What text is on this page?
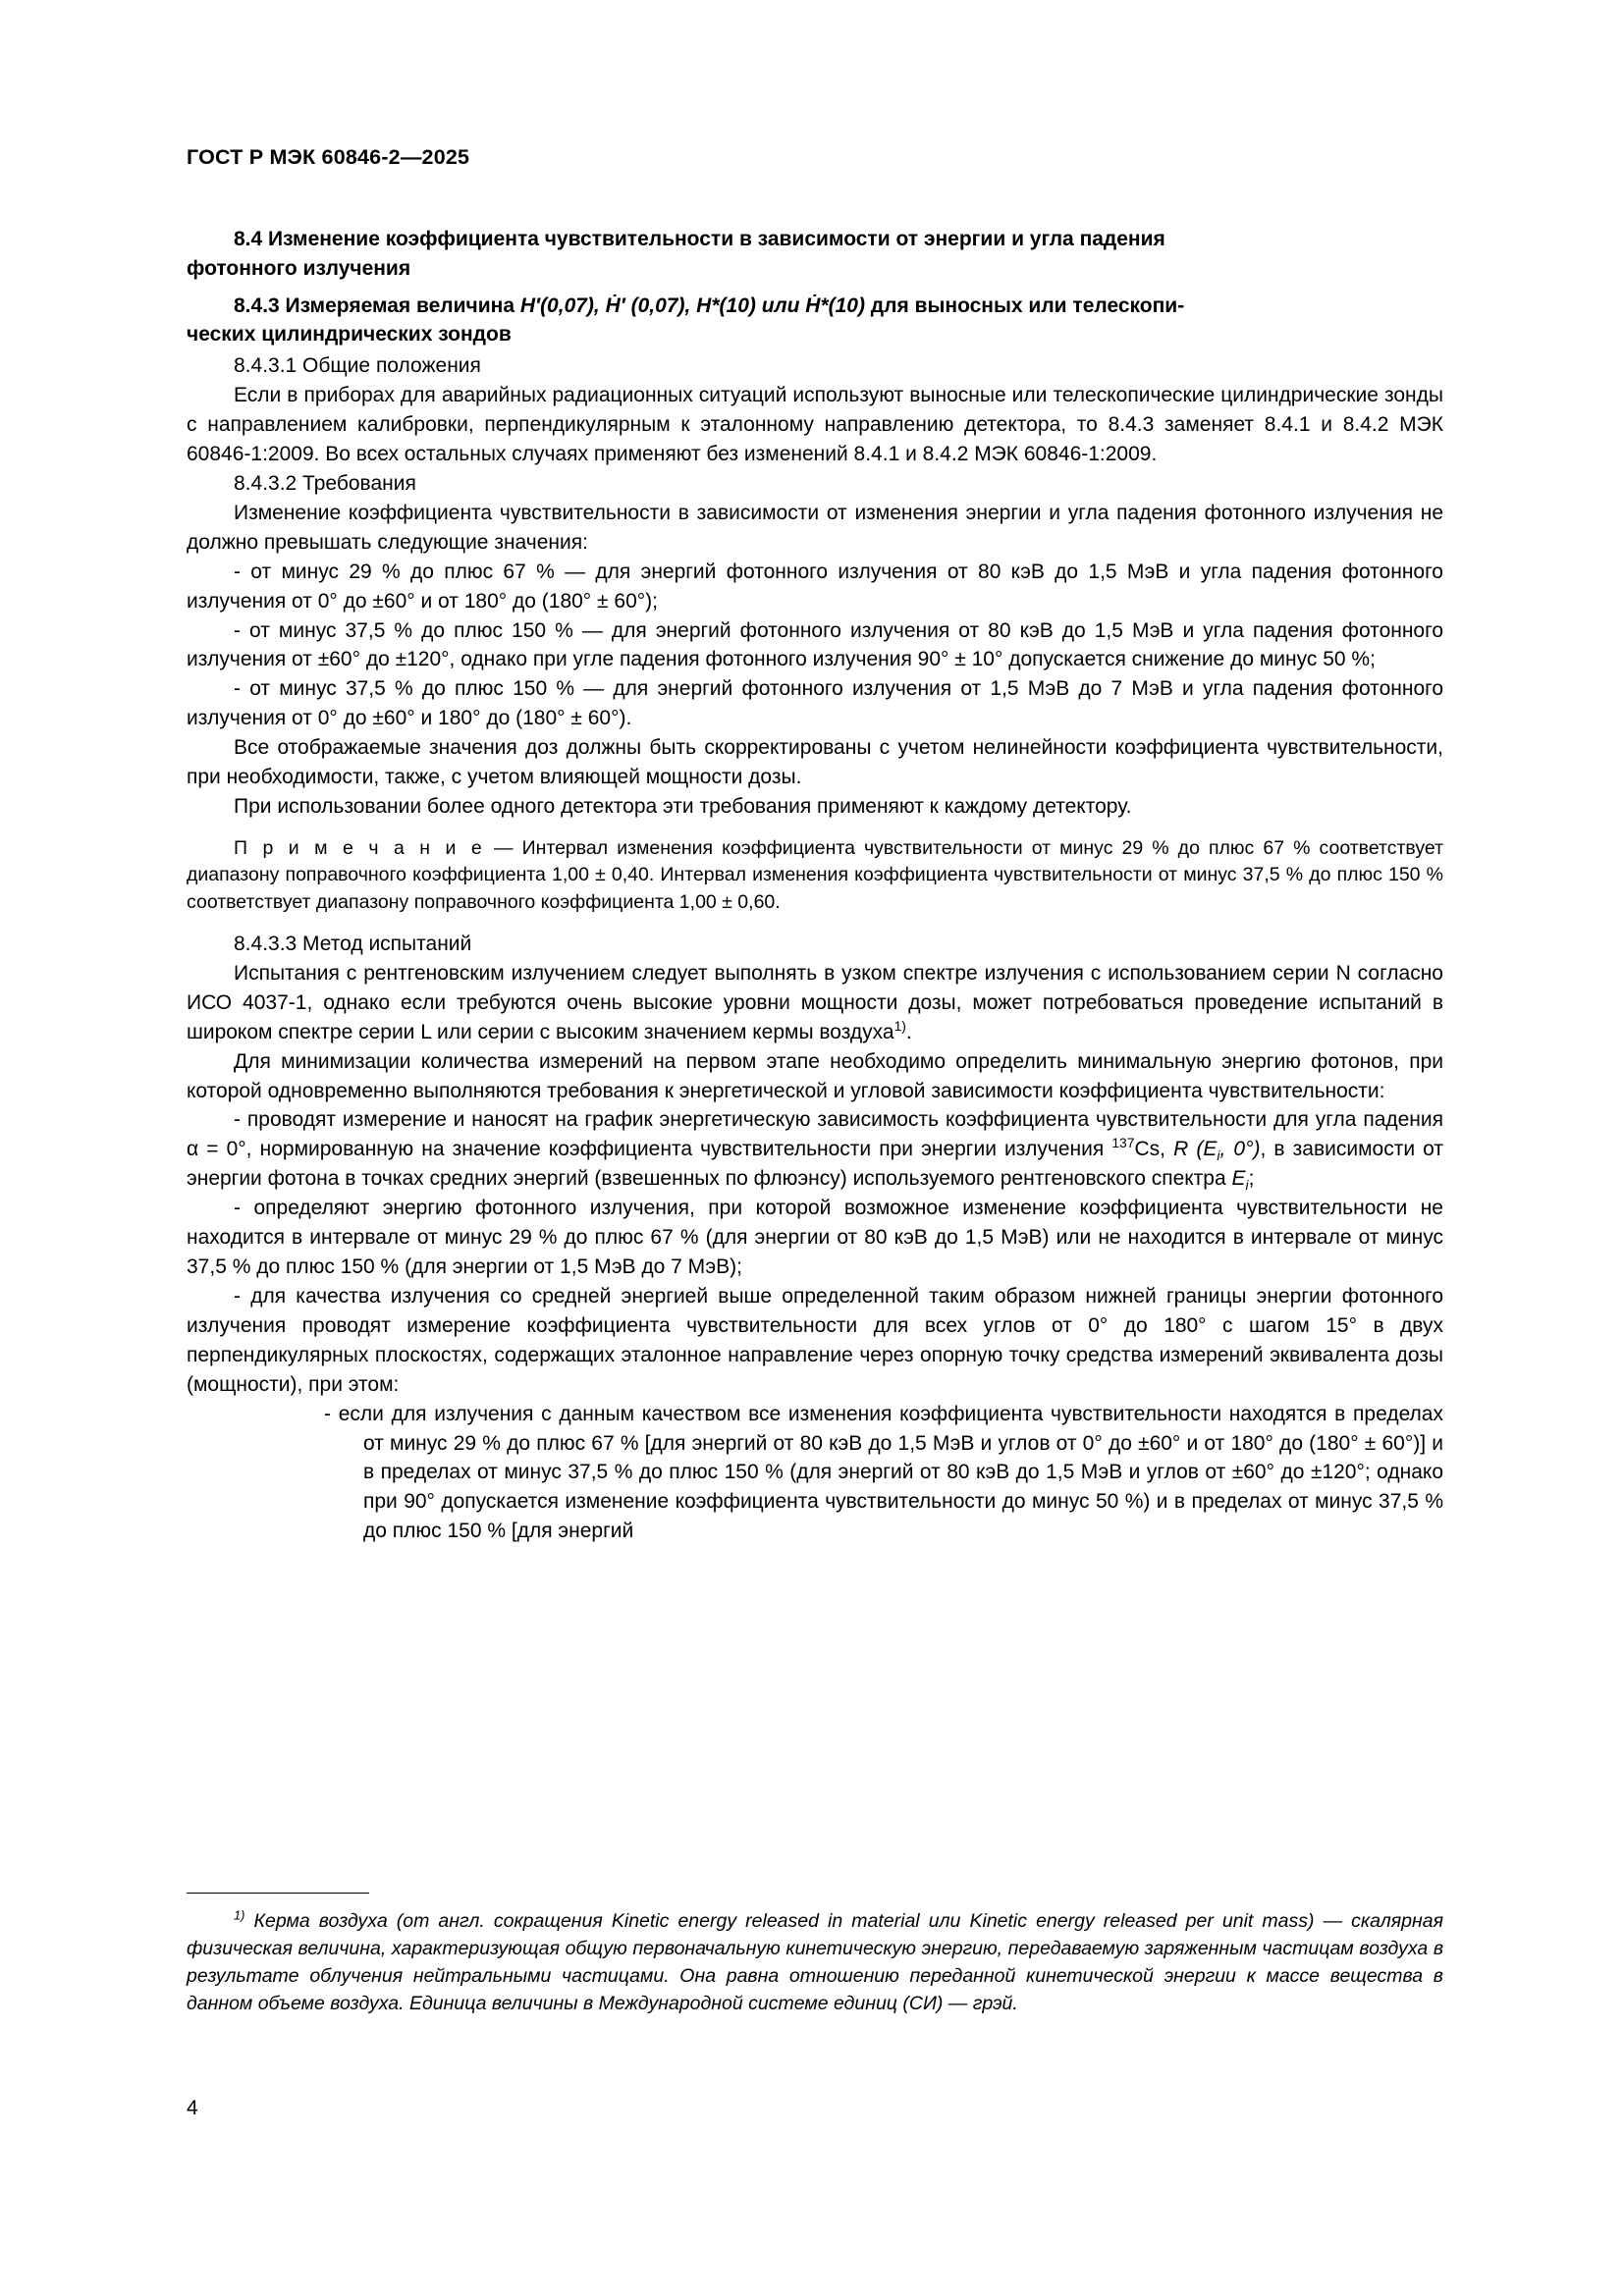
ГОСТ Р МЭК 60846-2—2025
8.4 Изменение коэффициента чувствительности в зависимости от энергии и угла падения
фотонного излучения
8.4.3 Измеряемая величина H′(0,07), Ḣ′ (0,07), H*(10) или Ḣ*(10) для выносных или телескопи-
ческих цилиндрических зондов

8.4.3.1 Общие положения

Если в приборах для аварийных радиационных ситуаций используют выносные или телескопические цилиндрические зонды с направлением калибровки, перпендикулярным к эталонному направлению детектора, то 8.4.3 заменяет 8.4.1 и 8.4.2 МЭК 60846-1:2009. Во всех остальных случаях применяют без изменений 8.4.1 и 8.4.2 МЭК 60846-1:2009.

8.4.3.2 Требования

Изменение коэффициента чувствительности в зависимости от изменения энергии и угла падения фотонного излучения не должно превышать следующие значения:

- от минус 29 % до плюс 67 % — для энергий фотонного излучения от 80 кэВ до 1,5 МэВ и угла падения фотонного излучения от 0° до ±60° и от 180° до (180° ± 60°);

- от минус 37,5 % до плюс 150 % — для энергий фотонного излучения от 80 кэВ до 1,5 МэВ и угла падения фотонного излучения от ±60° до ±120°, однако при угле падения фотонного излучения 90° ± 10° допускается снижение до минус 50 %;

- от минус 37,5 % до плюс 150 % — для энергий фотонного излучения от 1,5 МэВ до 7 МэВ и угла падения фотонного излучения от 0° до ±60° и 180° до (180° ± 60°).

Все отображаемые значения доз должны быть скорректированы с учетом нелинейности коэффициента чувствительности, при необходимости, также, с учетом влияющей мощности дозы.

При использовании более одного детектора эти требования применяют к каждому детектору.

П р и м е ч а н и е — Интервал изменения коэффициента чувствительности от минус 29 % до плюс 67 % соответствует диапазону поправочного коэффициента 1,00 ± 0,40. Интервал изменения коэффициента чувствительности от минус 37,5 % до плюс 150 % соответствует диапазону поправочного коэффициента 1,00 ± 0,60.

8.4.3.3 Метод испытаний

Испытания с рентгеновским излучением следует выполнять в узком спектре излучения с использованием серии N согласно ИСО 4037-1, однако если требуются очень высокие уровни мощности дозы, может потребоваться проведение испытаний в широком спектре серии L или серии с высоким значением кермы воздуха$^{1)}$.

Для минимизации количества измерений на первом этапе необходимо определить минимальную энергию фотонов, при которой одновременно выполняются требования к энергетической и угловой зависимости коэффициента чувствительности:

- проводят измерение и наносят на график энергетическую зависимость коэффициента чувствительности для угла падения α = 0°, нормированную на значение коэффициента чувствительности при энергии излучения $^{137}$Cs, R ($E_i$, 0°), в зависимости от энергии фотона в точках средних энергий (взвешенных по флюэнсу) используемого рентгеновского спектра $E_i$;

- определяют энергию фотонного излучения, при которой возможное изменение коэффициента чувствительности не находится в интервале от минус 29 % до плюс 67 % (для энергии от 80 кэВ до 1,5 МэВ) или не находится в интервале от минус 37,5 % до плюс 150 % (для энергии от 1,5 МэВ до 7 МэВ);

- для качества излучения со средней энергией выше определенной таким образом нижней границы энергии фотонного излучения проводят измерение коэффициента чувствительности для всех углов от 0° до 180° с шагом 15° в двух перпендикулярных плоскостях, содержащих эталонное направление через опорную точку средства измерений эквивалента дозы (мощности), при этом:

- если для излучения с данным качеством все изменения коэффициента чувствительности находятся в пределах от минус 29 % до плюс 67 % [для энергий от 80 кэВ до 1,5 МэВ и углов от 0° до ±60° и от 180° до (180° ± 60°)] и в пределах от минус 37,5 % до плюс 150 % (для энергий от 80 кэВ до 1,5 МэВ и углов от ±60° до ±120°; однако при 90° допускается изменение коэффициента чувствительности до минус 50 %) и в пределах от минус 37,5 % до плюс 150 % [для энергий
$^{1)}$ Керма воздуха (от англ. сокращения Kinetic energy released in material или Kinetic energy released per unit mass) — скалярная физическая величина, характеризующая общую первоначальную кинетическую энергию, передаваемую заряженным частицам воздуха в результате облучения нейтральными частицами. Она равна отношению переданной кинетической энергии к массе вещества в данном объеме воздуха. Единица величины в Международной системе единиц (СИ) — грэй.
4
